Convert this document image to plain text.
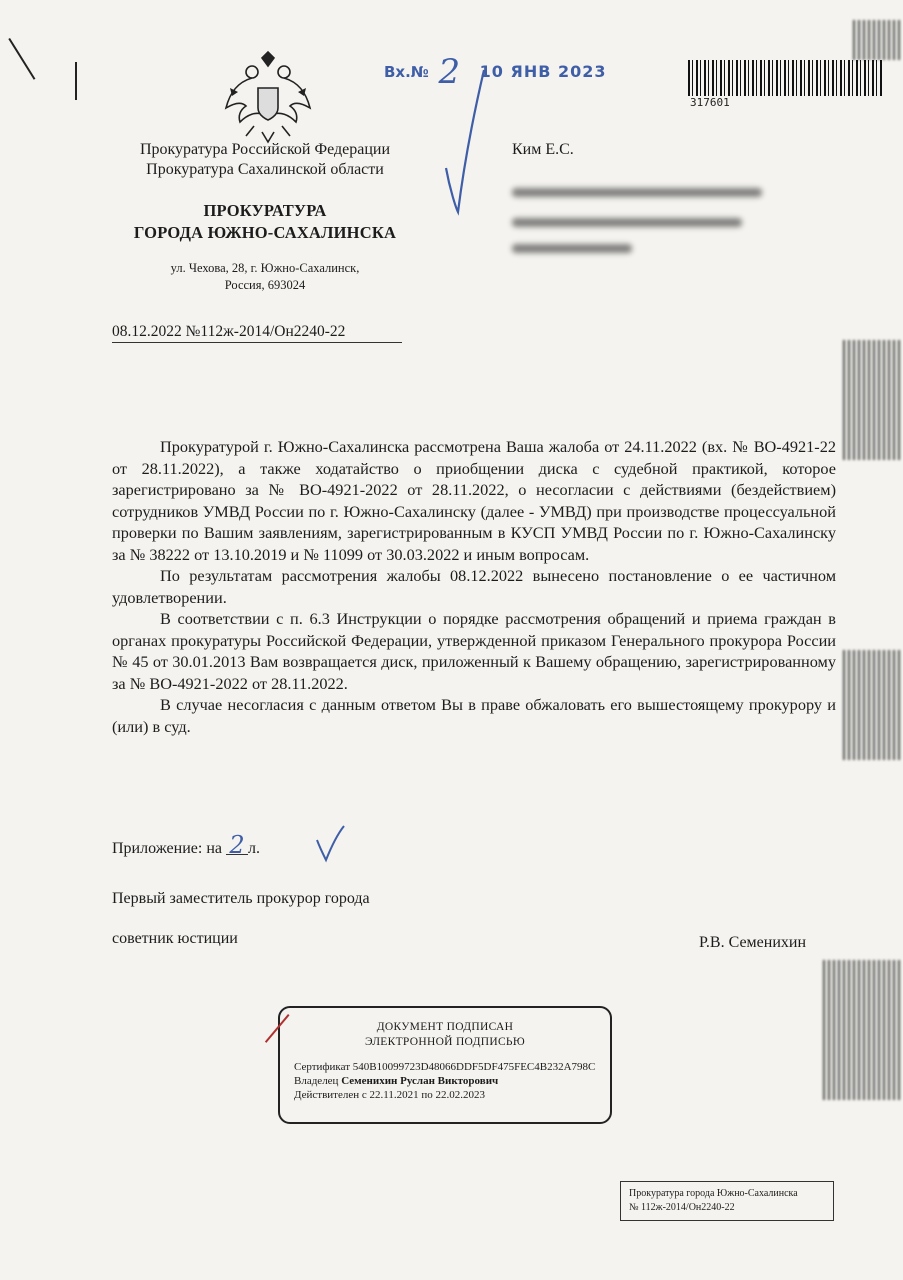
Прокуратура Российской Федерации
Прокуратура Сахалинской области
ПРОКУРАТУРА
ГОРОДА ЮЖНО-САХАЛИНСКА
ул. Чехова, 28, г. Южно-Сахалинск,
Россия, 693024
08.12.2022 №112ж-2014/Он2240-22
Вх.№ 2 10 ЯНВ 2023
317601
Ким Е.С.

Прокуратурой г. Южно-Сахалинска рассмотрена Ваша жалоба от 24.11.2022 (вх. № ВО-4921-22 от 28.11.2022), а также ходатайство о приобщении диска с судебной практикой, которое зарегистрировано за № ВО-4921-2022 от 28.11.2022, о несогласии с действиями (бездействием) сотрудников УМВД России по г. Южно-Сахалинску (далее - УМВД) при производстве процессуальной проверки по Вашим заявлениям, зарегистрированным в КУСП УМВД России по г. Южно-Сахалинску за № 38222 от 13.10.2019 и № 11099 от 30.03.2022 и иным вопросам.

По результатам рассмотрения жалобы 08.12.2022 вынесено постановление о ее частичном удовлетворении.

В соответствии с п. 6.3 Инструкции о порядке рассмотрения обращений и приема граждан в органах прокуратуры Российской Федерации, утвержденной приказом Генерального прокурора России № 45 от 30.01.2013 Вам возвращается диск, приложенный к Вашему обращению, зарегистрированному за № ВО-4921-2022 от 28.11.2022.

В случае несогласия с данным ответом Вы в праве обжаловать его вышестоящему прокурору и (или) в суд.

Приложение: на 2 л.
Первый заместитель прокурор города
советник юстиции	Р.В. Семенихин
ДОКУМЕНТ ПОДПИСАН
ЭЛЕКТРОННОЙ ПОДПИСЬЮ
Сертификат 540B10099723D48066DDF5DF475FEC4B232A798C
Владелец Семенихин Руслан Викторович
Действителен с 22.11.2021 по 22.02.2023
Прокуратура города Южно-Сахалинска
№ 112ж-2014/Он2240-22
